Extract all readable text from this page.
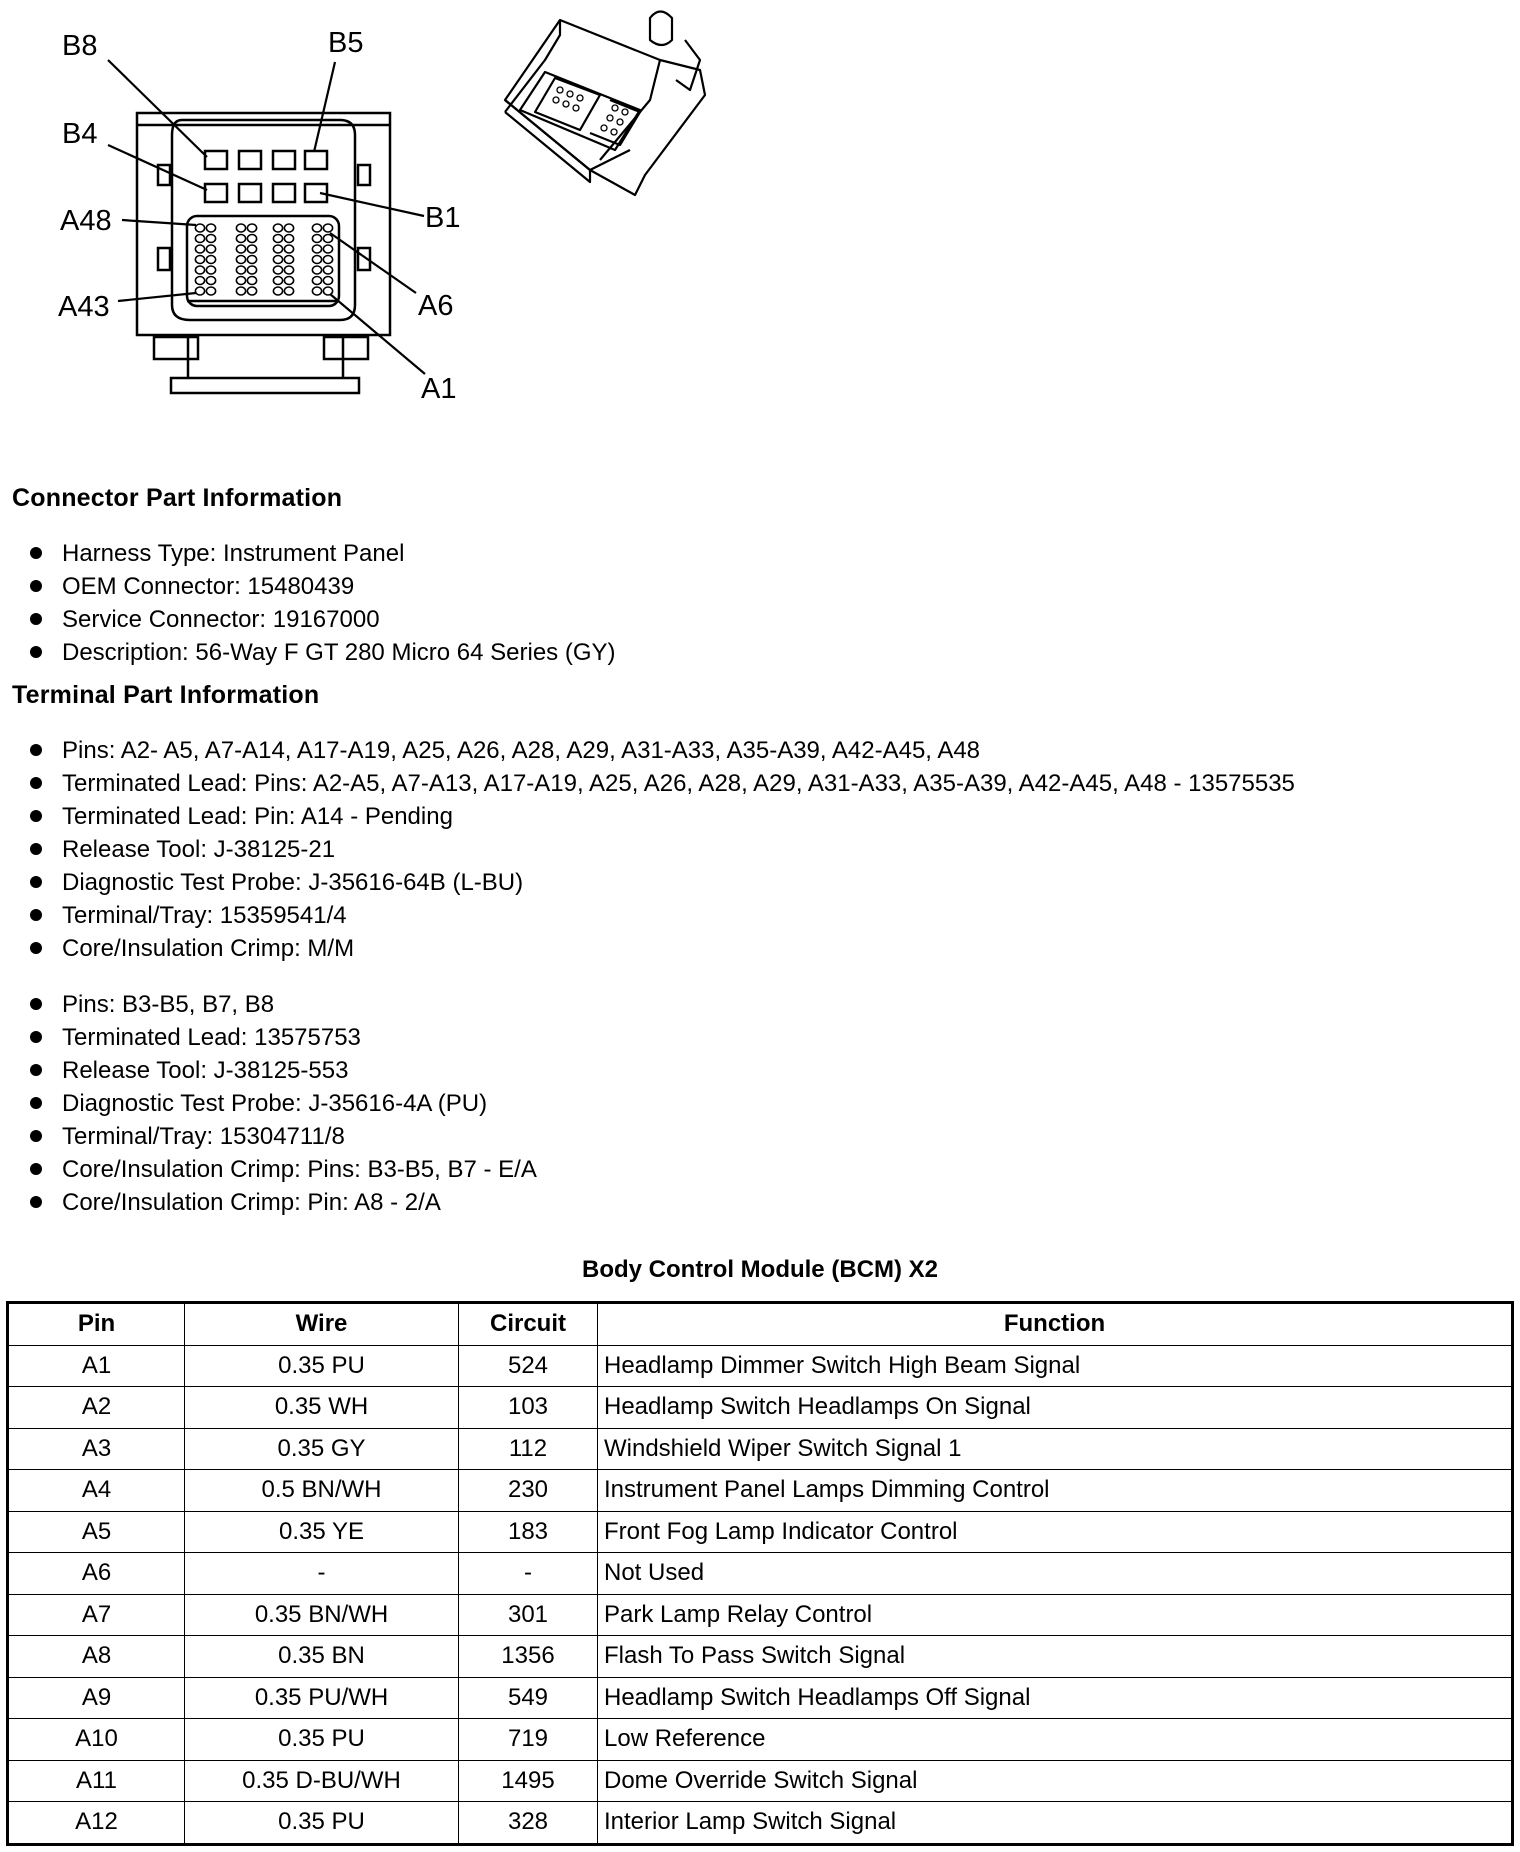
B8	B5
B4
B1
A48
A6
A43
A1
Connector Part Information
Harness Type: Instrument Panel
OEM Connector: 15480439
Service Connector: 19167000
Description: 56-Way F GT 280 Micro 64 Series (GY)
Terminal Part Information
Pins: A2- A5, A7-A14, A17-A19, A25, A26, A28, A29, A31-A33, A35-A39, A42-A45, A48
Terminated Lead: Pins: A2-A5, A7-A13, A17-A19, A25, A26, A28, A29, A31-A33, A35-A39, A42-A45, A48 - 13575535
Terminated Lead: Pin: A14 - Pending
Release Tool: J-38125-21
Diagnostic Test Probe: J-35616-64B (L-BU)
Terminal/Tray: 15359541/4
Core/Insulation Crimp: M/M
Pins: B3-B5, B7, B8
Terminated Lead: 13575753
Release Tool: J-38125-553
Diagnostic Test Probe: J-35616-4A (PU)
Terminal/Tray: 15304711/8
Core/Insulation Crimp: Pins: B3-B5, B7 - E/A
Core/Insulation Crimp: Pin: A8 - 2/A
Body Control Module (BCM) X2
Pin	Wire	Circuit	Function
A1	0.35 PU	524	Headlamp Dimmer Switch High Beam Signal
A2	0.35 WH	103	Headlamp Switch Headlamps On Signal
A3	0.35 GY	112	Windshield Wiper Switch Signal 1
A4	0.5 BN/WH	230	Instrument Panel Lamps Dimming Control
A5	0.35 YE	183	Front Fog Lamp Indicator Control
A6	-	-	Not Used
A7	0.35 BN/WH	301	Park Lamp Relay Control
A8	0.35 BN	1356	Flash To Pass Switch Signal
A9	0.35 PU/WH	549	Headlamp Switch Headlamps Off Signal
A10	0.35 PU	719	Low Reference
A11	0.35 D-BU/WH	1495	Dome Override Switch Signal
A12	0.35 PU	328	Interior Lamp Switch Signal
